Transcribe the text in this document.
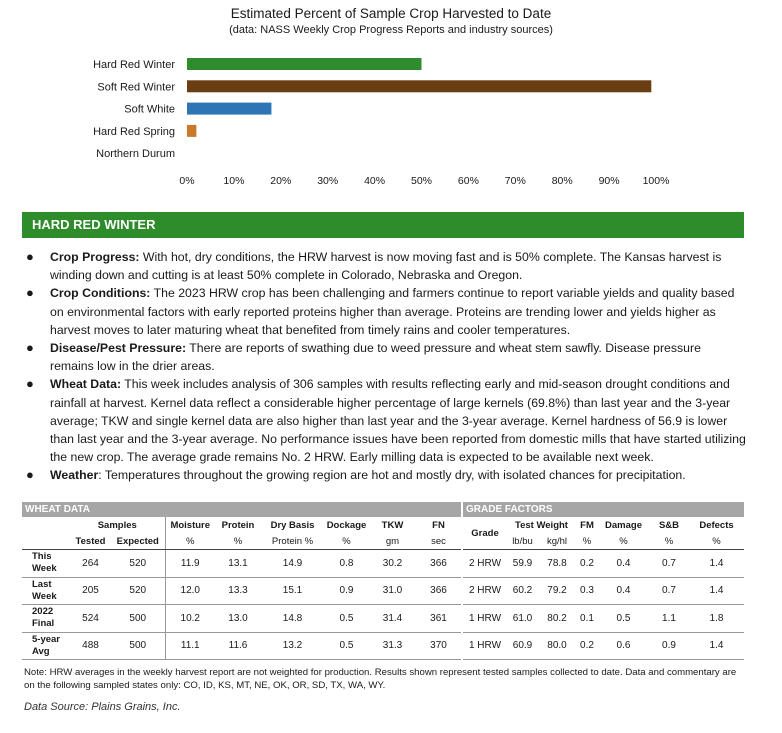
Estimated Percent of Sample Crop Harvested to Date
(data: NASS Weekly Crop Progress Reports and industry sources)
Hard Red Winter
Soft Red Winter
Soft White
Hard Red Spring
Northern Durum
0%	10% 20% 30% 40% 50% 60% 70% 80% 90% 100%
HARD RED WINTER
● Crop Progress: With hot, dry conditions, the HRW harvest is now moving fast and is 50% complete. The Kansas harvest is winding down and cutting is at least 50% complete in Colorado, Nebraska and Oregon.
● Crop Conditions: The 2023 HRW crop has been challenging and farmers continue to report variable yields and quality based on environmental factors with early reported proteins higher than average. Proteins are trending lower and yields higher as harvest moves to later maturing wheat that benefited from timely rains and cooler temperatures.
● Disease/Pest Pressure: There are reports of swathing due to weed pressure and wheat stem sawfly. Disease pressure remains low in the drier areas.
● Wheat Data: This week includes analysis of 306 samples with results reflecting early and mid-season drought conditions and rainfall at harvest. Kernel data reflect a considerable higher percentage of large kernels (69.8%) than last year and the 3-year average; TKW and single kernel data are also higher than last year and the 3-year average. Kernel hardness of 56.9 is lower than last year and the 3-year average. No performance issues have been reported from domestic mills that have started utilizing the new crop. The average grade remains No. 2 HRW. Early milling data is expected to be available next week.
● Weather: Temperatures throughout the growing region are hot and mostly dry, with isolated chances for precipitation.
WHEAT DATA	GRADE FACTORS
	Samples		Moisture	Protein	Dry Basis	Dockage	TKW	FN
	Tested	Expected	%	%	Protein %	%	gm	sec
This
Week	264	520	11.9	13.1	14.9	0.8	30.2	366
Last
Week	205	520	12.0	13.3	15.1	0.9	31.0	366
2022
Final	524	500	10.2	13.0	14.8	0.5	31.4	361
5-year
Avg	488	500	11.1	11.6	13.2	0.5	31.3	370
Grade	Test Weight		FM	Damage	S&B	Defects
	lb/bu	kg/hl	%	%	%	%
2 HRW	59.9	78.8	0.2	0.4	0.7	1.4
2 HRW	60.2	79.2	0.3	0.4	0.7	1.4
1 HRW	61.0	80.2	0.1	0.5	1.1	1.8
1 HRW	60.9	80.0	0.2	0.6	0.9	1.4
Note: HRW averages in the weekly harvest report are not weighted for production. Results shown represent tested samples collected to date. Data and commentary are on the following sampled states only: CO, ID, KS, MT, NE, OK, OR, SD, TX, WA, WY.
Data Source: Plains Grains, Inc.
